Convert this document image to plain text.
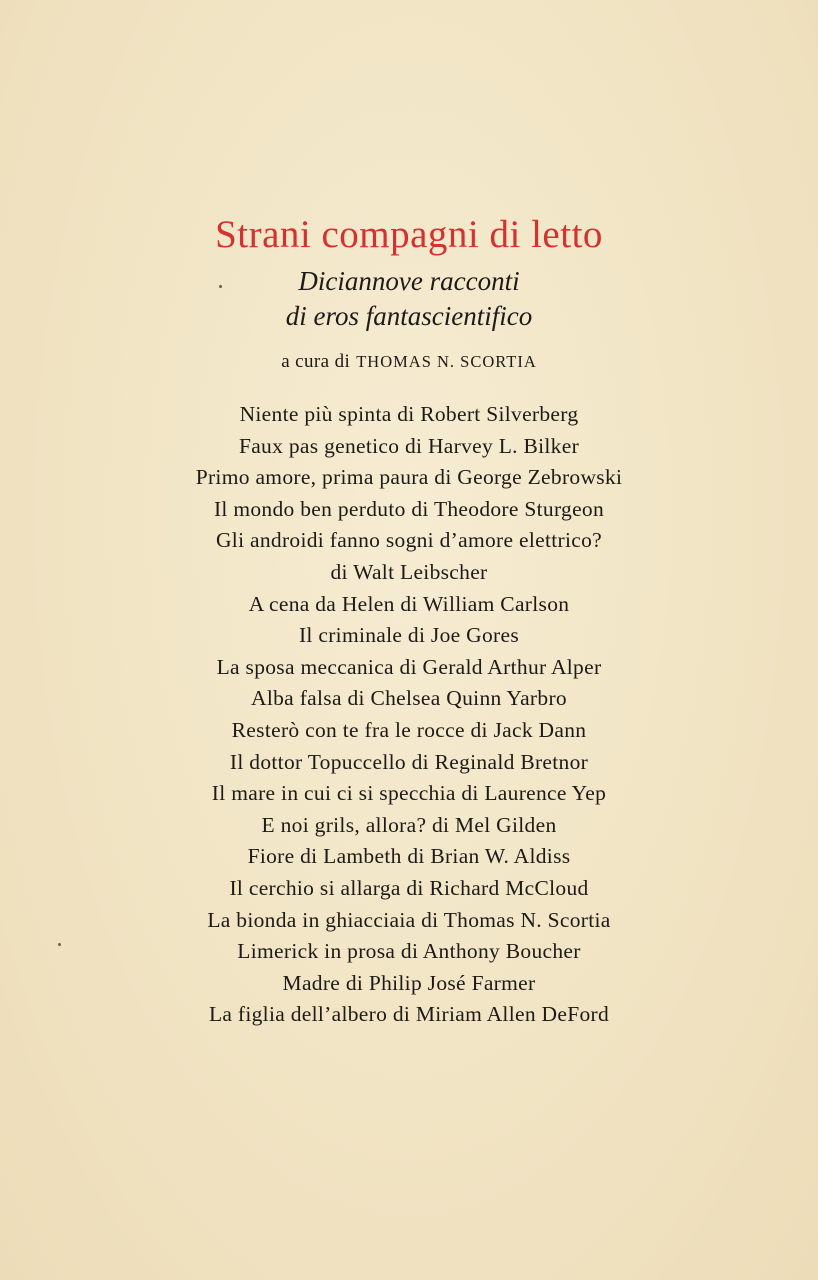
Strani compagni di letto
Diciannove racconti
di eros fantascientifico
a cura di THOMAS N. SCORTIA
Niente più spinta di Robert Silverberg
Faux pas genetico di Harvey L. Bilker
Primo amore, prima paura di George Zebrowski
Il mondo ben perduto di Theodore Sturgeon
Gli androidi fanno sogni d’amore elettrico?
di Walt Leibscher
A cena da Helen di William Carlson
Il criminale di Joe Gores
La sposa meccanica di Gerald Arthur Alper
Alba falsa di Chelsea Quinn Yarbro
Resterò con te fra le rocce di Jack Dann
Il dottor Topuccello di Reginald Bretnor
Il mare in cui ci si specchia di Laurence Yep
E noi grils, allora? di Mel Gilden
Fiore di Lambeth di Brian W. Aldiss
Il cerchio si allarga di Richard McCloud
La bionda in ghiacciaia di Thomas N. Scortia
Limerick in prosa di Anthony Boucher
Madre di Philip José Farmer
La figlia dell’albero di Miriam Allen DeFord
